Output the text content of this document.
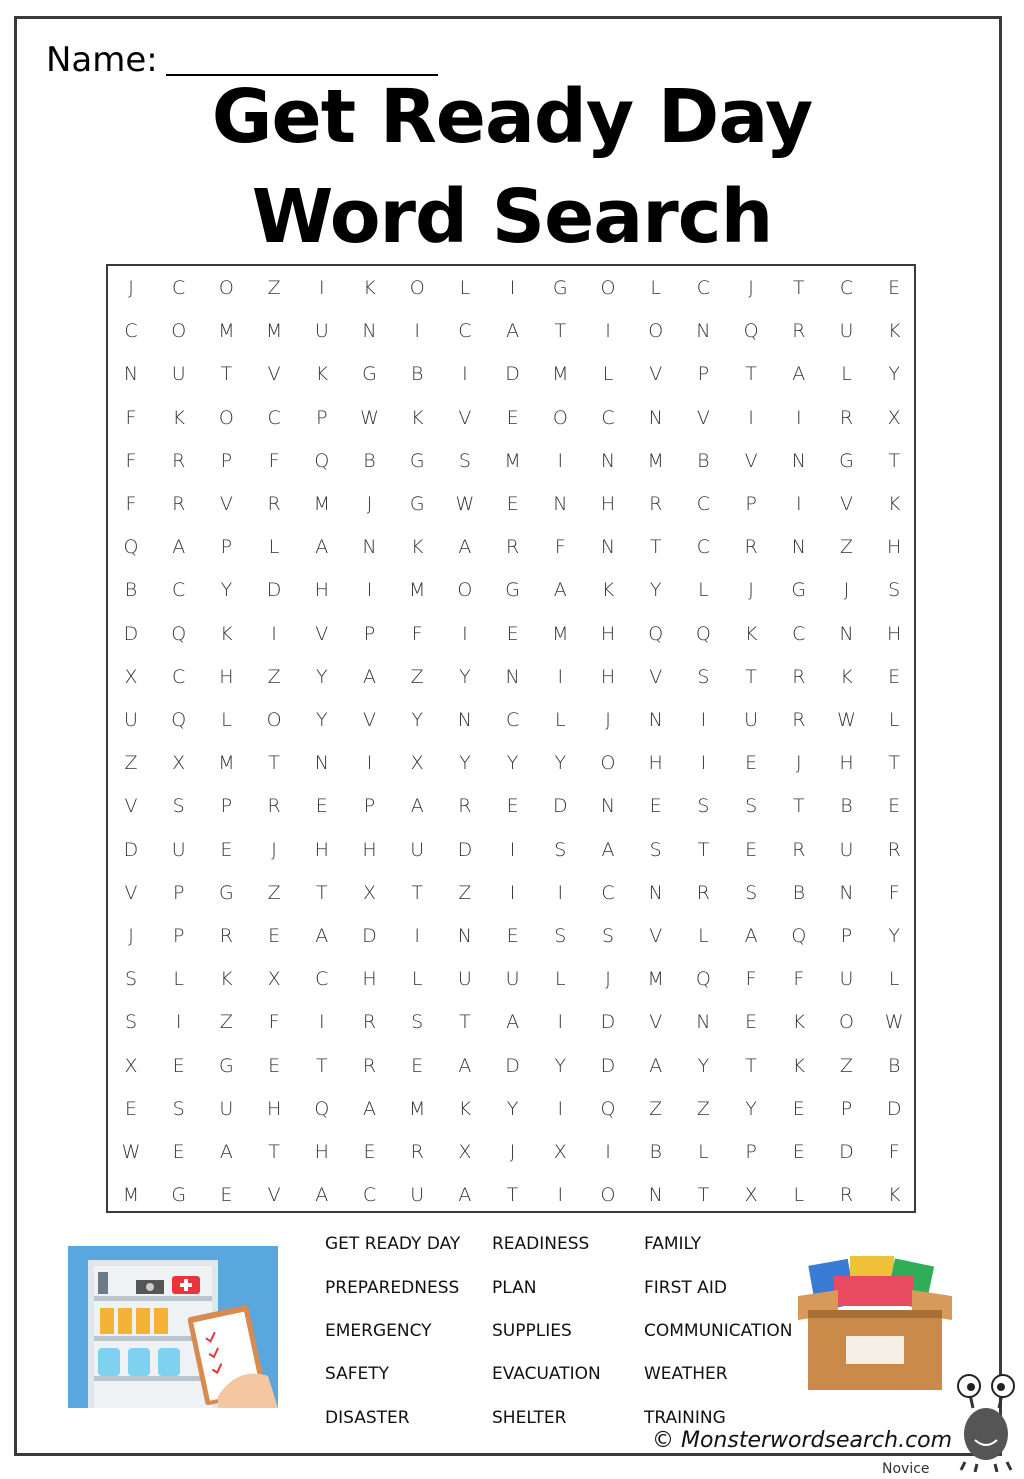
Name:
Get Ready Day
Word Search
J	C	O	Z	I	K	O	L	I	G	O	L	C	J	T	C	E
C	O	M	M	U	N	I	C	A	T	I	O	N	Q	R	U	K
N	U	T	V	K	G	B	I	D	M	L	V	P	T	A	L	Y
F	K	O	C	P	W	K	V	E	O	C	N	V	I	I	R	X
F	R	P	F	Q	B	G	S	M	I	N	M	B	V	N	G	T
F	R	V	R	M	J	G	W	E	N	H	R	C	P	I	V	K
Q	A	P	L	A	N	K	A	R	F	N	T	C	R	N	Z	H
B	C	Y	D	H	I	M	O	G	A	K	Y	L	J	G	J	S
D	Q	K	I	V	P	F	I	E	M	H	Q	Q	K	C	N	H
X	C	H	Z	Y	A	Z	Y	N	I	H	V	S	T	R	K	E
U	Q	L	O	Y	V	Y	N	C	L	J	N	I	U	R	W	L
Z	X	M	T	N	I	X	Y	Y	Y	O	H	I	E	J	H	T
V	S	P	R	E	P	A	R	E	D	N	E	S	S	T	B	E
D	U	E	J	H	H	U	D	I	S	A	S	T	E	R	U	R
V	P	G	Z	T	X	T	Z	I	I	C	N	R	S	B	N	F
J	P	R	E	A	D	I	N	E	S	S	V	L	A	Q	P	Y
S	L	K	X	C	H	L	U	U	L	J	M	Q	F	F	U	L
S	I	Z	F	I	R	S	T	A	I	D	V	N	E	K	O	W
X	E	G	E	T	R	E	A	D	Y	D	A	Y	T	K	Z	B
E	S	U	H	Q	A	M	K	Y	I	Q	Z	Z	Y	E	P	D
W	E	A	T	H	E	R	X	J	X	I	B	L	P	E	D	F
M	G	E	V	A	C	U	A	T	I	O	N	T	X	L	R	K
GET READY DAY
PREPAREDNESS
EMERGENCY
SAFETY
DISASTER
READINESS
PLAN
SUPPLIES
EVACUATION
SHELTER
FAMILY
FIRST AID
COMMUNICATION
WEATHER
TRAINING
© Monsterwordsearch.com
Novice
